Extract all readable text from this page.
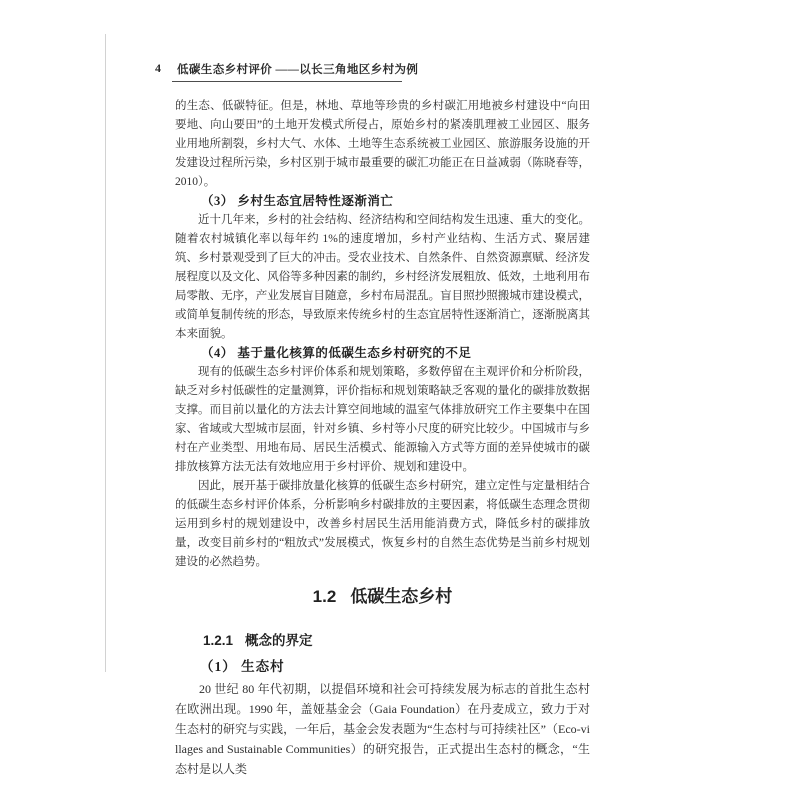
4 低碳生态乡村评价 ——以长三角地区乡村为例

的生态、低碳特征。但是，林地、草地等珍贵的乡村碳汇用地被乡村建设中“向田要地、向山要田”的土地开发模式所侵占，原始乡村的紧凑肌理被工业园区、服务业用地所割裂，乡村大气、水体、土地等生态系统被工业园区、旅游服务设施的开发建设过程所污染，乡村区别于城市最重要的碳汇功能正在日益减弱（陈晓春等，2010）。

（3） 乡村生态宜居特性逐渐消亡

近十几年来，乡村的社会结构、经济结构和空间结构发生迅速、重大的变化。随着农村城镇化率以每年约 1%的速度增加，乡村产业结构、生活方式、聚居建筑、乡村景观受到了巨大的冲击。受农业技术、自然条件、自然资源禀赋、经济发展程度以及文化、风俗等多种因素的制约，乡村经济发展粗放、低效，土地利用布局零散、无序，产业发展盲目随意，乡村布局混乱。盲目照抄照搬城市建设模式，或简单复制传统的形态，导致原来传统乡村的生态宜居特性逐渐消亡，逐渐脱离其本来面貌。

（4） 基于量化核算的低碳生态乡村研究的不足

现有的低碳生态乡村评价体系和规划策略，多数停留在主观评价和分析阶段，缺乏对乡村低碳性的定量测算，评价指标和规划策略缺乏客观的量化的碳排放数据支撑。而目前以量化的方法去计算空间地域的温室气体排放研究工作主要集中在国家、省域或大型城市层面，针对乡镇、乡村等小尺度的研究比较少。中国城市与乡村在产业类型、用地布局、居民生活模式、能源输入方式等方面的差异使城市的碳排放核算方法无法有效地应用于乡村评价、规划和建设中。

因此，展开基于碳排放量化核算的低碳生态乡村研究，建立定性与定量相结合的低碳生态乡村评价体系，分析影响乡村碳排放的主要因素，将低碳生态理念贯彻运用到乡村的规划建设中，改善乡村居民生活用能消费方式，降低乡村的碳排放量，改变目前乡村的“粗放式”发展模式，恢复乡村的自然生态优势是当前乡村规划建设的必然趋势。

1.2 低碳生态乡村
1.2.1 概念的界定

（1） 生态村

20 世纪 80 年代初期，以提倡环境和社会可持续发展为标志的首批生态村在欧洲出现。1990 年，盖娅基金会（Gaia Foundation）在丹麦成立，致力于对生态村的研究与实践，一年后，基金会发表题为“生态村与可持续社区”（Eco-villages and Sustainable Communities）的研究报告，正式提出生态村的概念，“生态村是以人类
